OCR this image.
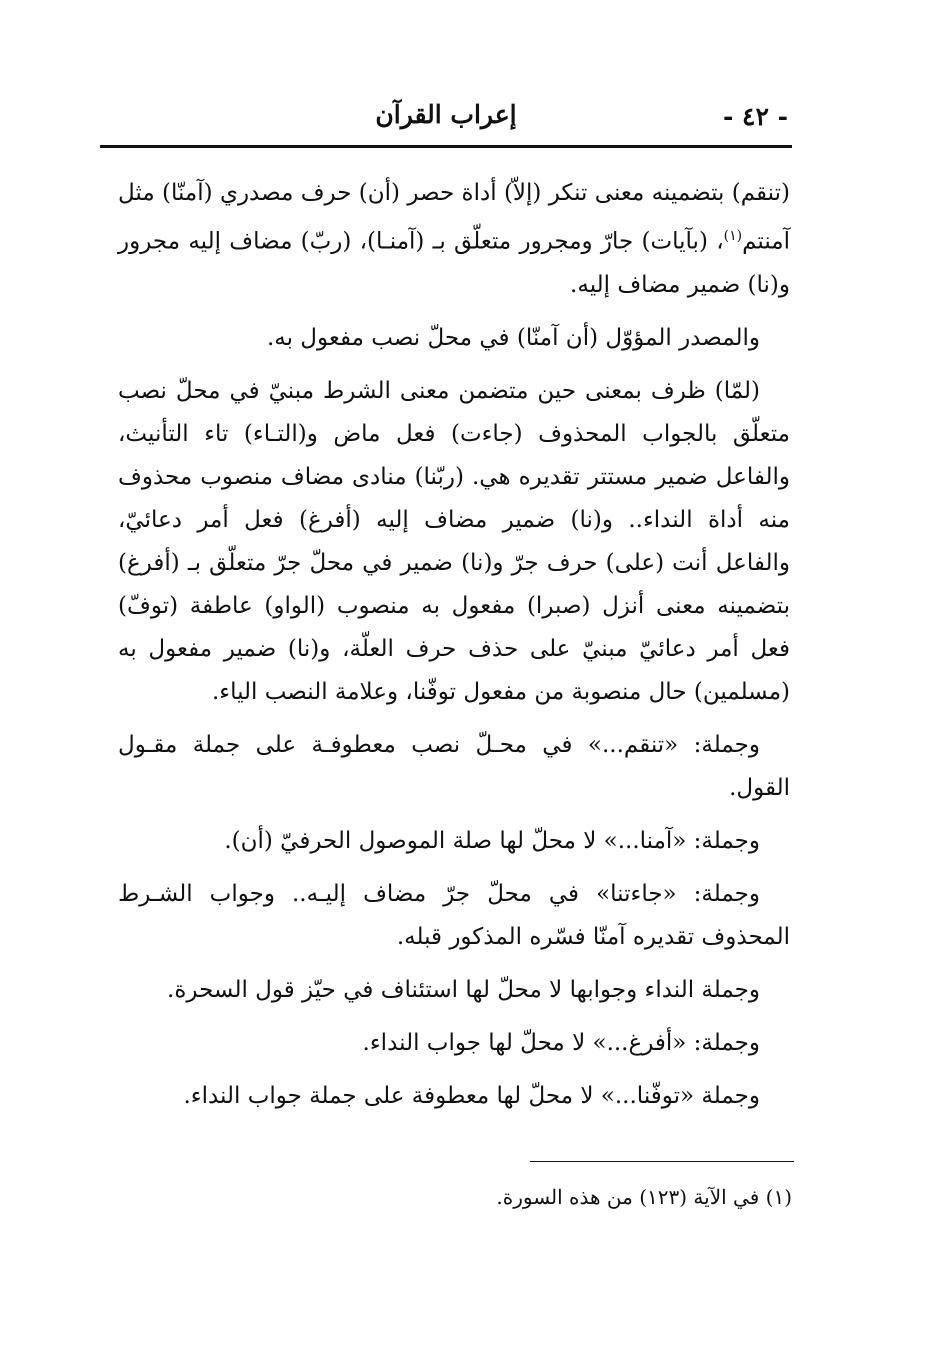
إعراب القرآن	- ٤٢ -

(تنقم) بتضمينه معنى تنكر (إلاّ) أداة حصر (أن) حرف مصدري (آمنّا) مثل آمنتم$^{(١)}$، (بآيات) جارّ ومجرور متعلّق بـ (آمنـا)، (ربّ) مضاف إليه مجرور و(نا) ضمير مضاف إليه.

والمصدر المؤوّل (أن آمنّا) في محلّ نصب مفعول به.

(لمّا) ظرف بمعنى حين متضمن معنى الشرط مبنيّ في محلّ نصب متعلّق بالجواب المحذوف (جاءت) فعل ماض و(التـاء) تاء التأنيث، والفاعل ضمير مستتر تقديره هي. (ربّنا) منادى مضاف منصوب محذوف منه أداة النداء.. و(نا) ضمير مضاف إليه (أفرغ) فعل أمر دعائيّ، والفاعل أنت (على) حرف جرّ و(نا) ضمير في محلّ جرّ متعلّق بـ (أفرغ) بتضمينه معنى أنزل (صبرا) مفعول به منصوب (الواو) عاطفة (توفّ) فعل أمر دعائيّ مبنيّ على حذف حرف العلّة، و(نا) ضمير مفعول به (مسلمين) حال منصوبة من مفعول توفّنا، وعلامة النصب الياء.

وجملة: «تنقم...» في محـلّ نصب معطوفـة على جملة مقـول القول.

وجملة: «آمنا...» لا محلّ لها صلة الموصول الحرفيّ (أن).

وجملة: «جاءتنا» في محلّ جرّ مضاف إليـه.. وجواب الشـرط المحذوف تقديره آمنّا فسّره المذكور قبله.

وجملة النداء وجوابها لا محلّ لها استئناف في حيّز قول السحرة.

وجملة: «أفرغ...» لا محلّ لها جواب النداء.

وجملة «توفّنا...» لا محلّ لها معطوفة على جملة جواب النداء.

(١) في الآية (١٢٣) من هذه السورة.
